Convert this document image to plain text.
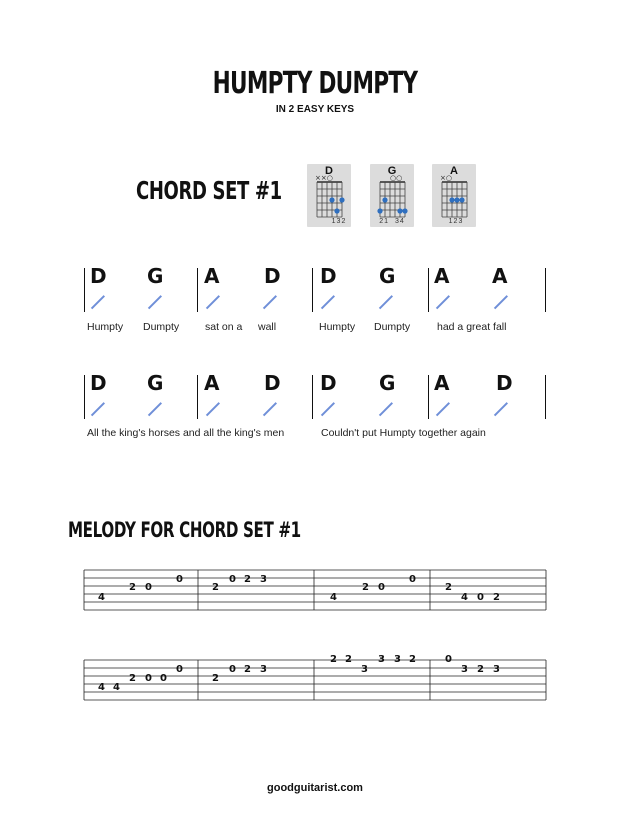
HUMPTY DUMPTY
IN 2 EASY KEYS
CHORD SET #1
D
××○
132
G
○○
21  34
A
×○
123
D G A D D G A A
Humpty Dumpty sat on a wall	Humpty Dumpty	had a great fall
D G A D D G A D
All the king's horses and all the king's men	Couldn't put Humpty together again
MELODY FOR CHORD SET #1
4
2 0
0
2
0 2 3
4
2 0
0
2
4 0 2
4 4
2 0 0
0
2
0 2 3
2 2
3
3 3 2	0
3 2 3
goodguitarist.com
